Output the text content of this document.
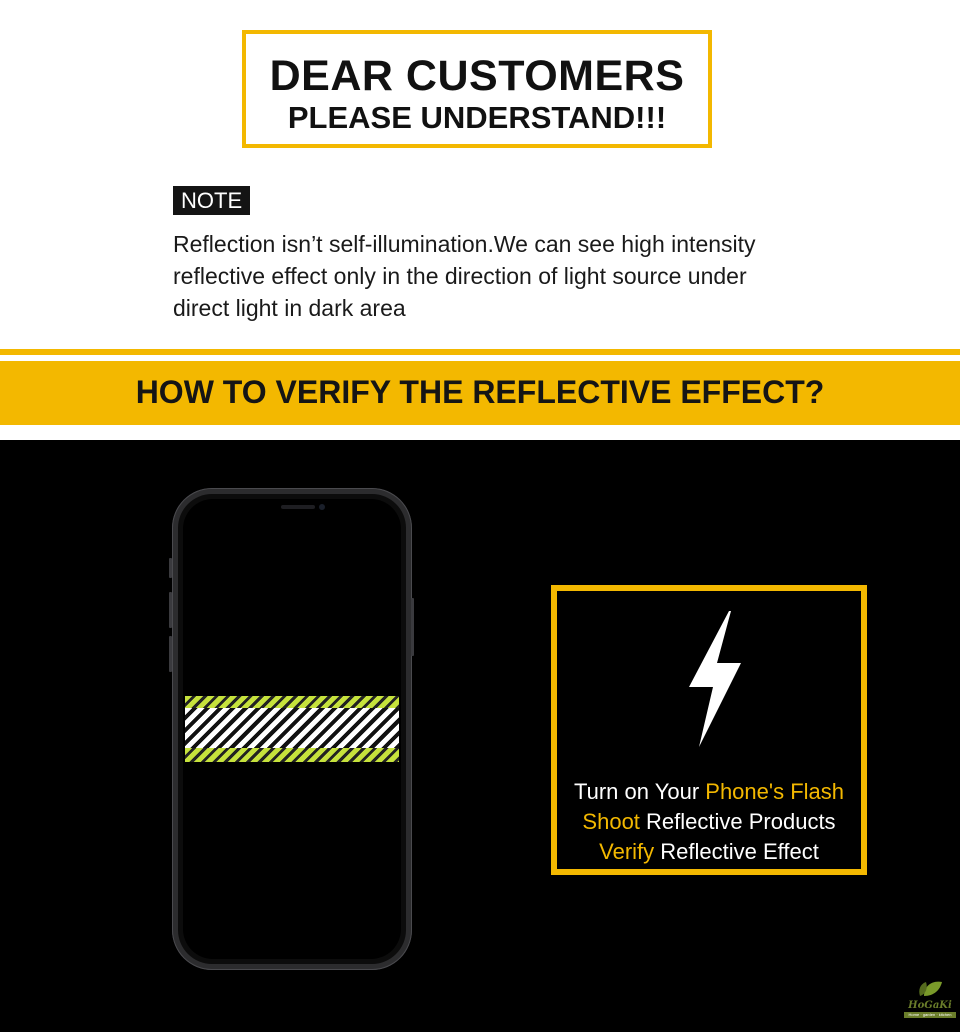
DEAR CUSTOMERS
PLEASE UNDERSTAND!!!
NOTE
Reflection isn’t self-illumination.We can see high intensity
reflective effect only in the direction of light source under
direct light in dark area
HOW TO VERIFY THE REFLECTIVE EFFECT?
Turn on Your Phone's Flash
Shoot Reflective Products
Verify Reflective Effect
HoGaKi
Home · garden · kitchen
